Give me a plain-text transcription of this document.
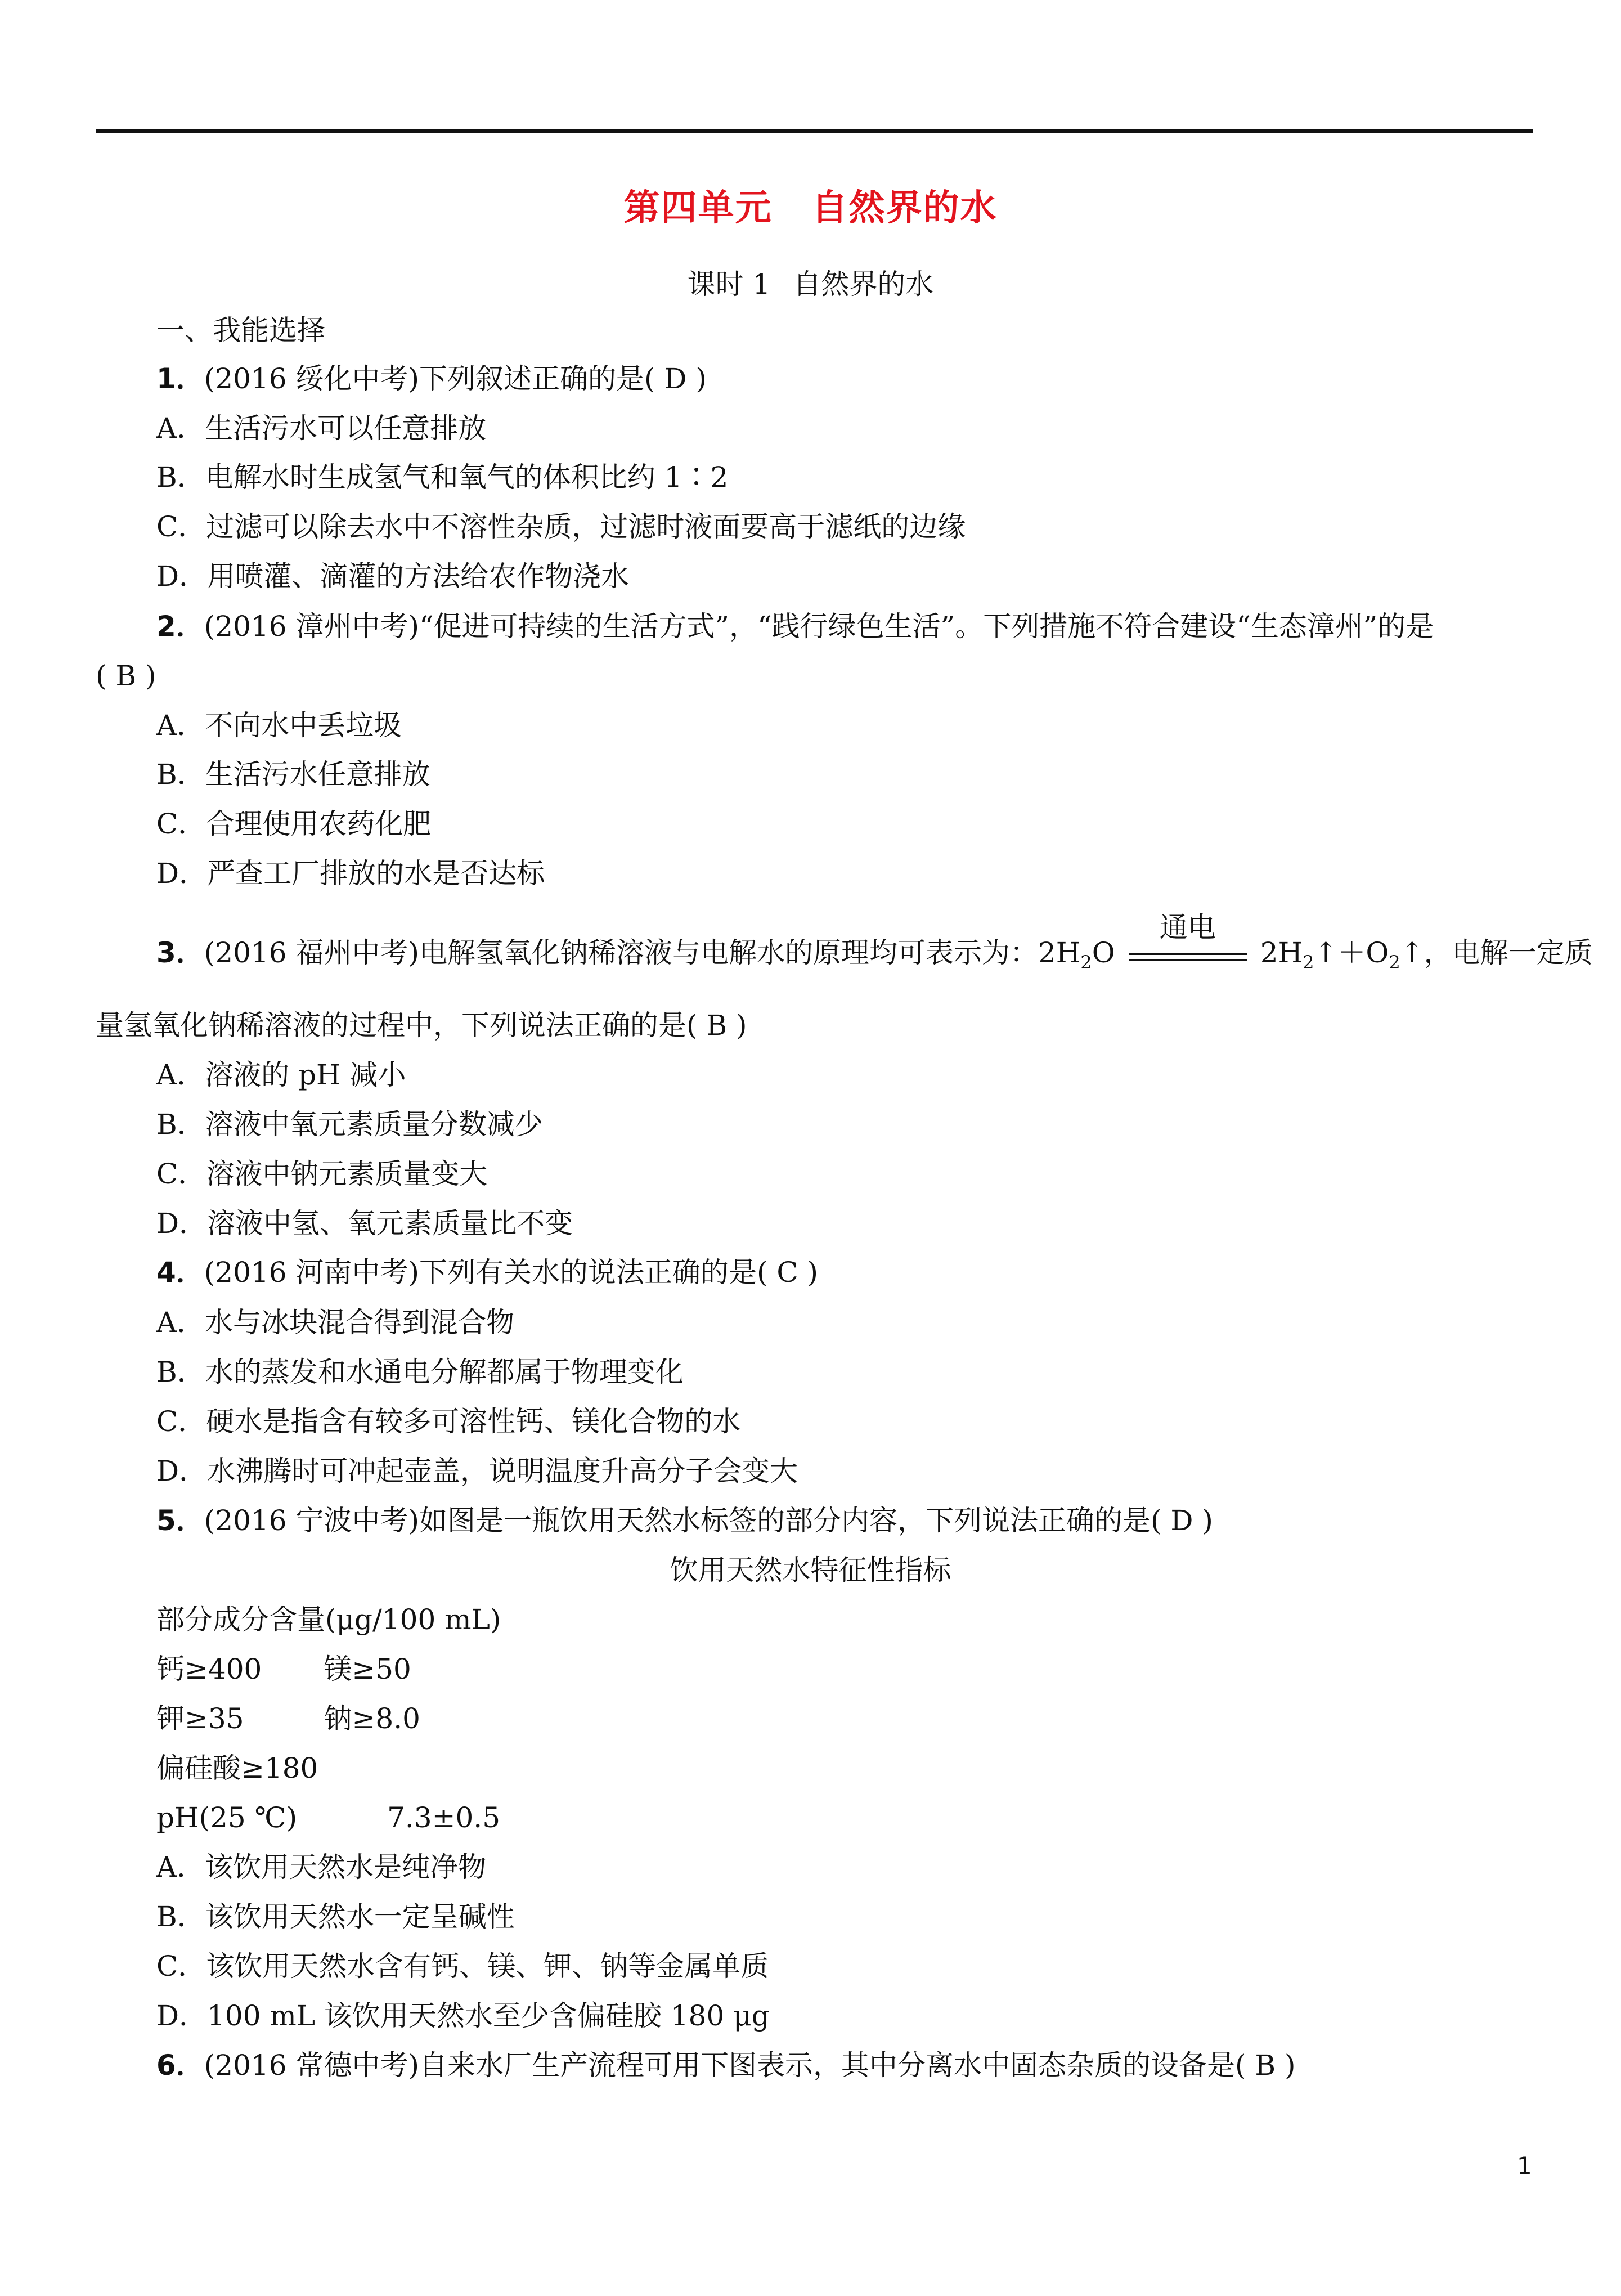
第四单元 自然界的水
课时 1 自然界的水
一、我能选择
1．(2016 绥化中考)下列叙述正确的是( D )
A．生活污水可以任意排放
B．电解水时生成氢气和氧气的体积比约 1∶2
C．过滤可以除去水中不溶性杂质，过滤时液面要高于滤纸的边缘
D．用喷灌、滴灌的方法给农作物浇水
2．(2016 漳州中考)“促进可持续的生活方式”，“践行绿色生活”。下列措施不符合建设“生态漳州”的是
( B )
A．不向水中丢垃圾
B．生活污水任意排放
C．合理使用农药化肥
D．严查工厂排放的水是否达标
3．(2016 福州中考)电解氢氧化钠稀溶液与电解水的原理均可表示为：$2H_2O$
通电
$2H_2↑+O_2↑$，电解一定质
量氢氧化钠稀溶液的过程中，下列说法正确的是( B )
A．溶液的 pH 减小
B．溶液中氧元素质量分数减少
C．溶液中钠元素质量变大
D．溶液中氢、氧元素质量比不变
4．(2016 河南中考)下列有关水的说法正确的是( C )
A．水与冰块混合得到混合物
B．水的蒸发和水通电分解都属于物理变化
C．硬水是指含有较多可溶性钙、镁化合物的水
D．水沸腾时可冲起壶盖，说明温度升高分子会变大
5．(2016 宁波中考)如图是一瓶饮用天然水标签的部分内容，下列说法正确的是( D )
饮用天然水特征性指标
部分成分含量(μg/100 mL)
钙≥400 镁≥50
钾≥35	钠≥8.0
偏硅酸≥180
pH(25 ℃)	7.3±0.5
A．该饮用天然水是纯净物
B．该饮用天然水一定呈碱性
C．该饮用天然水含有钙、镁、钾、钠等金属单质
D．100 mL 该饮用天然水至少含偏硅胶 180 μg
6．(2016 常德中考)自来水厂生产流程可用下图表示，其中分离水中固态杂质的设备是( B )
1
